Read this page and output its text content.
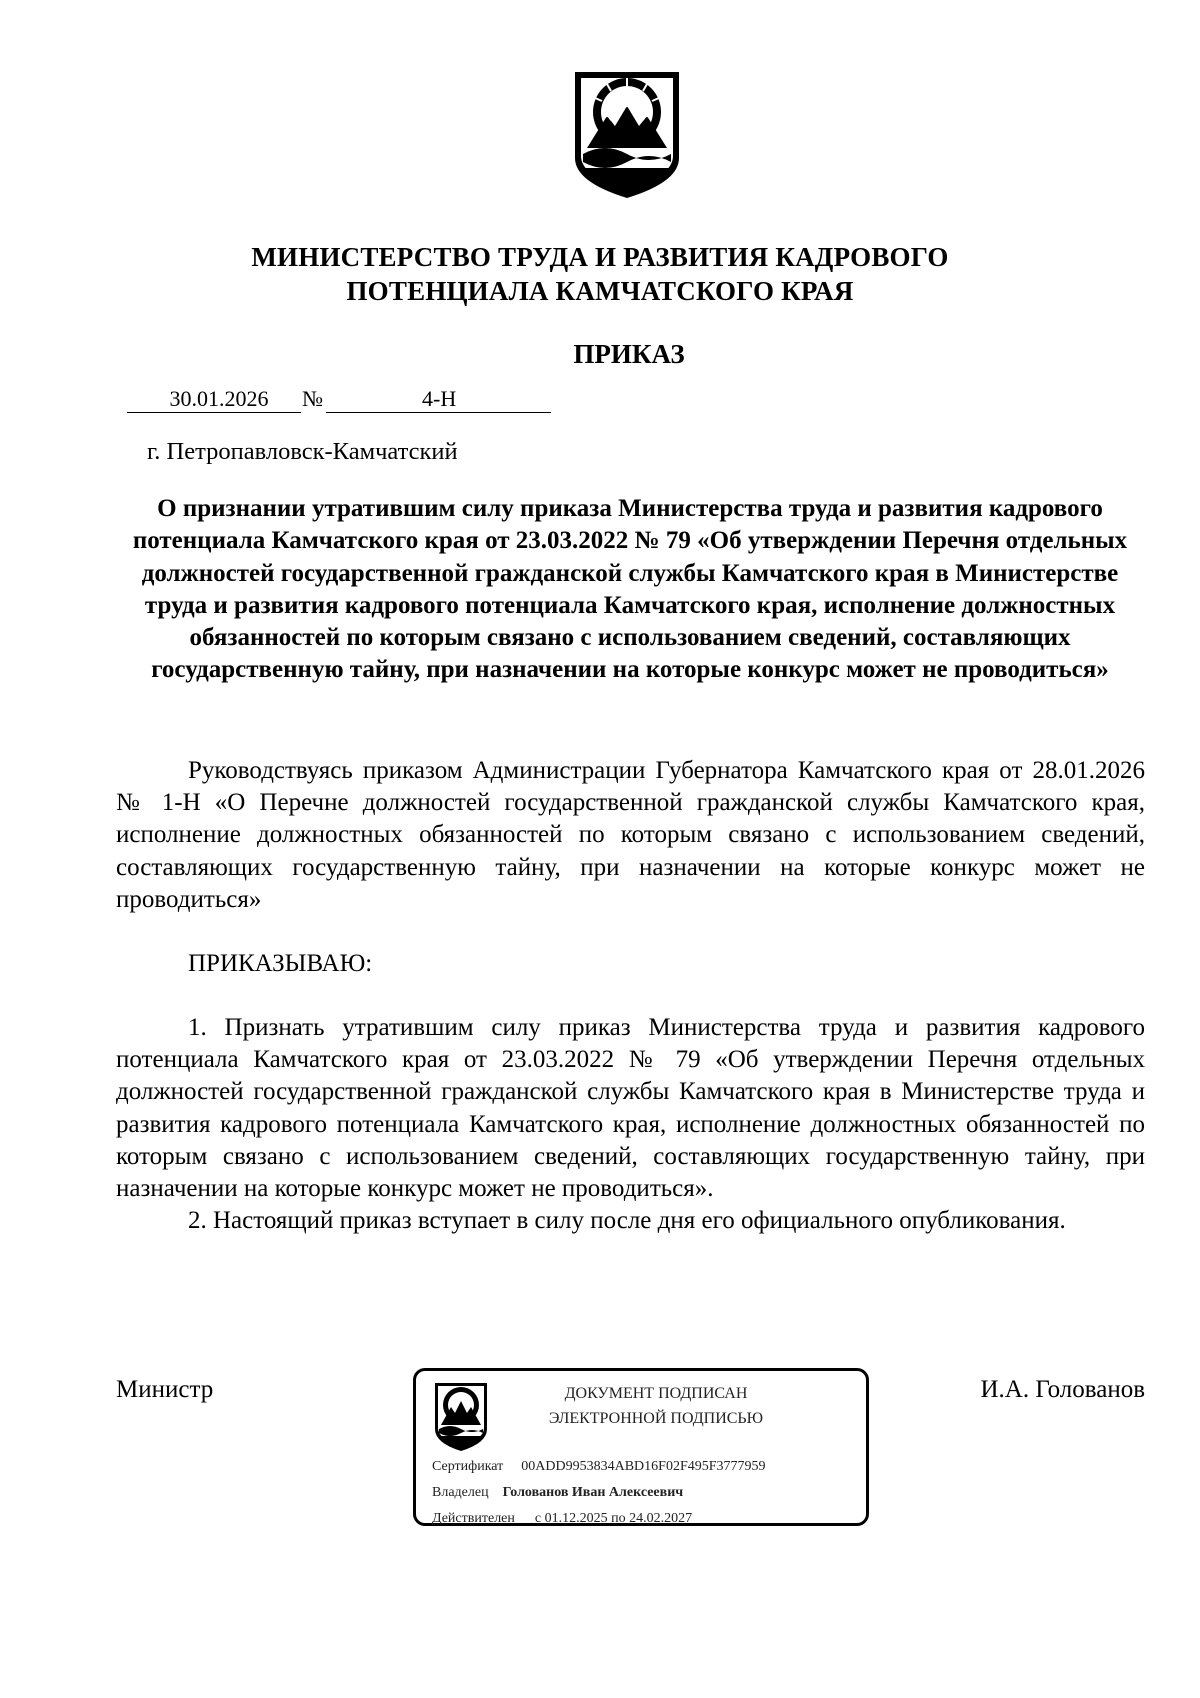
МИНИСТЕРСТВО ТРУДА И РАЗВИТИЯ КАДРОВОГО
ПОТЕНЦИАЛА КАМЧАТСКОГО КРАЯ
ПРИКАЗ
30.01.2026	№	4-Н
г. Петропавловск-Камчатский
О признании утратившим силу приказа Министерства труда и развития кадрового потенциала Камчатского края от 23.03.2022 № 79 «Об утверждении Перечня отдельных должностей государственной гражданской службы Камчатского края в Министерстве труда и развития кадрового потенциала Камчатского края, исполнение должностных обязанностей по которым связано с использованием сведений, составляющих государственную тайну, при назначении на которые конкурс может не проводиться»
Руководствуясь приказом Администрации Губернатора Камчатского края от 28.01.2026 № 1-Н «О Перечне должностей государственной гражданской службы Камчатского края, исполнение должностных обязанностей по которым связано с использованием сведений, составляющих государственную тайну, при назначении на которые конкурс может не проводиться»
ПРИКАЗЫВАЮ:
1. Признать утратившим силу приказ Министерства труда и развития кадрового потенциала Камчатского края от 23.03.2022 № 79 «Об утверждении Перечня отдельных должностей государственной гражданской службы Камчатского края в Министерстве труда и развития кадрового потенциала Камчатского края, исполнение должностных обязанностей по которым связано с использованием сведений, составляющих государственную тайну, при назначении на которые конкурс может не проводиться».
2. Настоящий приказ вступает в силу после дня его официального опубликования.
Министр	ДОКУМЕНТ ПОДПИСАН
ЭЛЕКТРОННОЙ ПОДПИСЬЮ
Сертификат 00ADD9953834ABD16F02F495F3777959
Владелец Голованов Иван Алексеевич
Действителен с 01.12.2025 по 24.02.2027
И.А. Голованов
